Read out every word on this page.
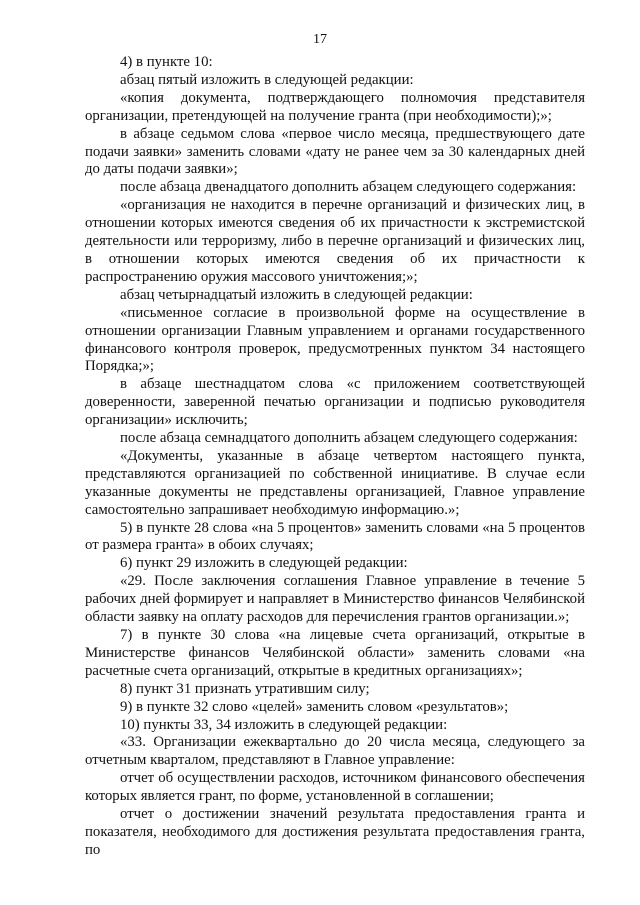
17

4) в пункте 10:

абзац пятый изложить в следующей редакции:

«копия документа, подтверждающего полномочия представителя организации, претендующей на получение гранта (при необходимости);»;

в абзаце седьмом слова «первое число месяца, предшествующего дате подачи заявки» заменить словами «дату не ранее чем за 30 календарных дней до даты подачи заявки»;

после абзаца двенадцатого дополнить абзацем следующего содержания:

«организация не находится в перечне организаций и физических лиц, в отношении которых имеются сведения об их причастности к экстремистской деятельности или терроризму, либо в перечне организаций и физических лиц, в отношении которых имеются сведения об их причастности к распространению оружия массового уничтожения;»;

абзац четырнадцатый изложить в следующей редакции:

«письменное согласие в произвольной форме на осуществление в отношении организации Главным управлением и органами государственного финансового контроля проверок, предусмотренных пунктом 34 настоящего Порядка;»;

в абзаце шестнадцатом слова «с приложением соответствующей доверенности, заверенной печатью организации и подписью руководителя организации» исключить;

после абзаца семнадцатого дополнить абзацем следующего содержания:

«Документы, указанные в абзаце четвертом настоящего пункта, представляются организацией по собственной инициативе. В случае если указанные документы не представлены организацией, Главное управление самостоятельно запрашивает необходимую информацию.»;

5) в пункте 28 слова «на 5 процентов» заменить словами «на 5 процентов от размера гранта» в обоих случаях;

6) пункт 29 изложить в следующей редакции:

«29. После заключения соглашения Главное управление в течение 5 рабочих дней формирует и направляет в Министерство финансов Челябинской области заявку на оплату расходов для перечисления грантов организации.»;

7) в пункте 30 слова «на лицевые счета организаций, открытые в Министерстве финансов Челябинской области» заменить словами «на расчетные счета организаций, открытые в кредитных организациях»;

8) пункт 31 признать утратившим силу;

9) в пункте 32 слово «целей» заменить словом «результатов»;

10) пункты 33, 34 изложить в следующей редакции:

«33. Организации ежеквартально до 20 числа месяца, следующего за отчетным кварталом, представляют в Главное управление:

отчет об осуществлении расходов, источником финансового обеспечения которых является грант, по форме, установленной в соглашении;

отчет о достижении значений результата предоставления гранта и показателя, необходимого для достижения результата предоставления гранта, по
